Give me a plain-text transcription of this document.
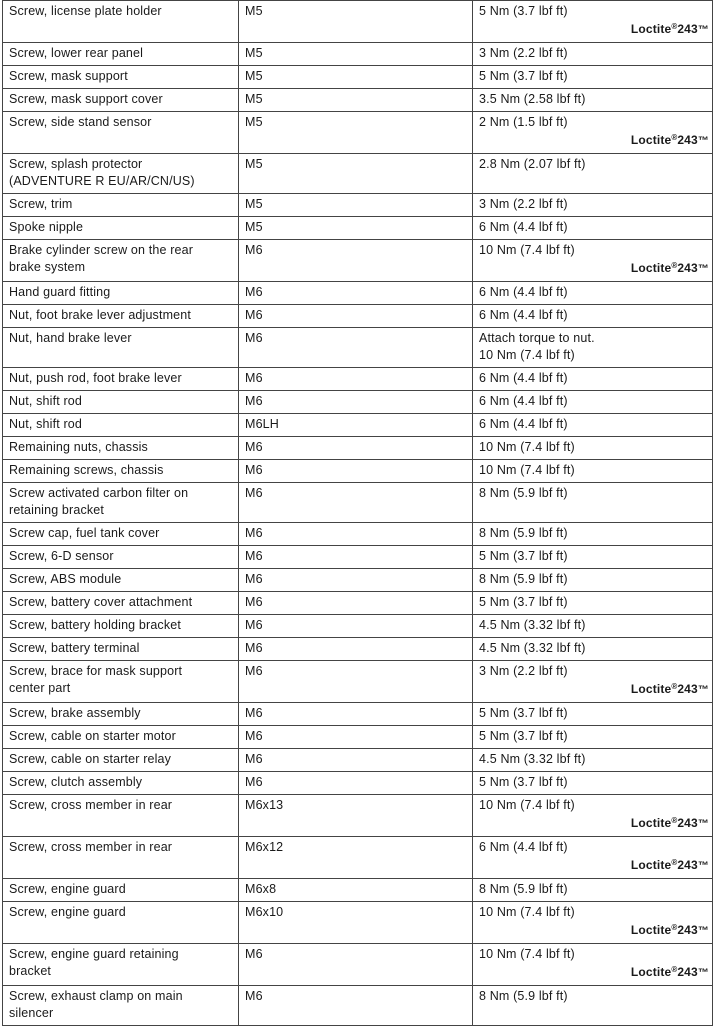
Screw, license plate holder	M5	5 Nm (3.7 lbf ft)
Loctite®243™

Screw, lower rear panel	M5	3 Nm (2.2 lbf ft)

Screw, mask support	M5	5 Nm (3.7 lbf ft)

Screw, mask support cover	M5	3.5 Nm (2.58 lbf ft)

Screw, side stand sensor	M5	2 Nm (1.5 lbf ft)
Loctite®243™

Screw, splash protector
(ADVENTURE R EU/AR/CN/US)	M5	2.8 Nm (2.07 lbf ft)

Screw, trim	M5	3 Nm (2.2 lbf ft)

Spoke nipple	M5	6 Nm (4.4 lbf ft)

Brake cylinder screw on the rear
brake system	M6	10 Nm (7.4 lbf ft)
Loctite®243™

Hand guard fitting	M6	6 Nm (4.4 lbf ft)

Nut, foot brake lever adjustment	M6	6 Nm (4.4 lbf ft)

Nut, hand brake lever	M6	Attach torque to nut.
10 Nm (7.4 lbf ft)

Nut, push rod, foot brake lever	M6	6 Nm (4.4 lbf ft)

Nut, shift rod	M6	6 Nm (4.4 lbf ft)

Nut, shift rod	M6LH	6 Nm (4.4 lbf ft)

Remaining nuts, chassis	M6	10 Nm (7.4 lbf ft)

Remaining screws, chassis	M6	10 Nm (7.4 lbf ft)

Screw activated carbon filter on
retaining bracket	M6	8 Nm (5.9 lbf ft)

Screw cap, fuel tank cover	M6	8 Nm (5.9 lbf ft)

Screw, 6-D sensor	M6	5 Nm (3.7 lbf ft)

Screw, ABS module	M6	8 Nm (5.9 lbf ft)

Screw, battery cover attachment	M6	5 Nm (3.7 lbf ft)

Screw, battery holding bracket	M6	4.5 Nm (3.32 lbf ft)

Screw, battery terminal	M6	4.5 Nm (3.32 lbf ft)

Screw, brace for mask support
center part	M6	3 Nm (2.2 lbf ft)
Loctite®243™

Screw, brake assembly	M6	5 Nm (3.7 lbf ft)

Screw, cable on starter motor	M6	5 Nm (3.7 lbf ft)

Screw, cable on starter relay	M6	4.5 Nm (3.32 lbf ft)

Screw, clutch assembly	M6	5 Nm (3.7 lbf ft)

Screw, cross member in rear	M6x13	10 Nm (7.4 lbf ft)
Loctite®243™

Screw, cross member in rear	M6x12	6 Nm (4.4 lbf ft)
Loctite®243™

Screw, engine guard	M6x8	8 Nm (5.9 lbf ft)

Screw, engine guard	M6x10	10 Nm (7.4 lbf ft)
Loctite®243™

Screw, engine guard retaining
bracket	M6	10 Nm (7.4 lbf ft)
Loctite®243™

Screw, exhaust clamp on main
silencer	M6	8 Nm (5.9 lbf ft)
